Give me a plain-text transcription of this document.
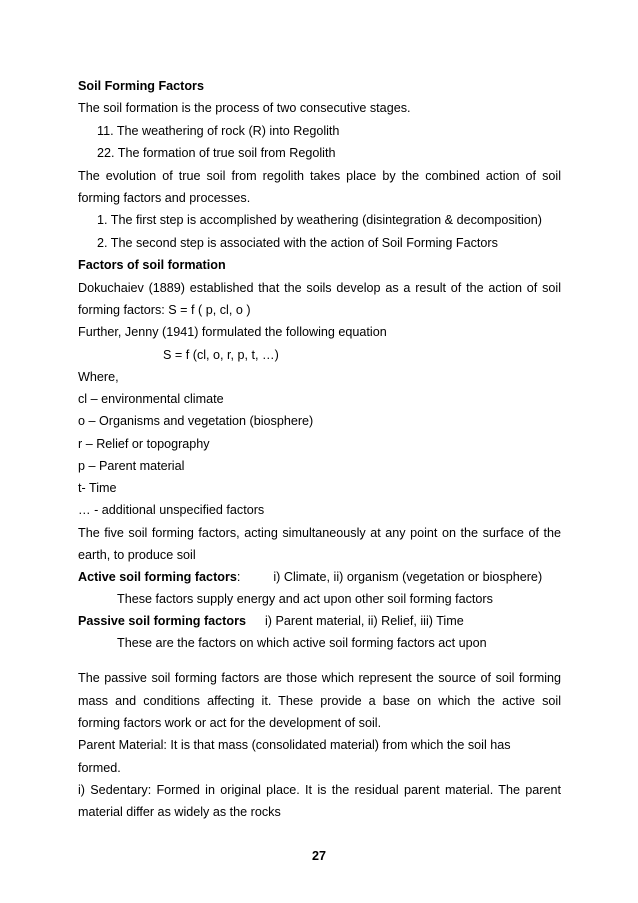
Soil Forming Factors
The soil formation is the process of two consecutive stages.
11. The weathering of rock (R) into Regolith
22. The formation of true soil from Regolith
The evolution of true soil from regolith takes place by the combined action of soil
forming factors and processes.
1. The first step is accomplished by weathering (disintegration & decomposition)
2. The second step is associated with the action of Soil Forming Factors
Factors of soil formation
Dokuchaiev (1889) established that the soils develop as a result of the action of soil
forming factors: S = f ( p, cl, o )
Further, Jenny (1941) formulated the following equation
S = f (cl, o, r, p, t, …)
Where,
cl – environmental climate
o – Organisms and vegetation (biosphere)
r – Relief or topography
p – Parent material
t- Time
… - additional unspecified factors
The five soil forming factors, acting simultaneously at any point on the surface of the
earth, to produce soil
Active soil forming factors:	i) Climate, ii) organism (vegetation or biosphere)
These factors supply energy and act upon other soil forming factors
Passive soil forming factors i) Parent material, ii) Relief, iii) Time
These are the factors on which active soil forming factors act upon
The passive soil forming factors are those which represent the source of soil forming
mass and conditions affecting it. These provide a base on which the active soil
forming factors work or act for the development of soil.
Parent Material: It is that mass (consolidated material) from which the soil has
formed.
i) Sedentary: Formed in original place. It is the residual parent material. The parent
material differ as widely as the rocks
27
